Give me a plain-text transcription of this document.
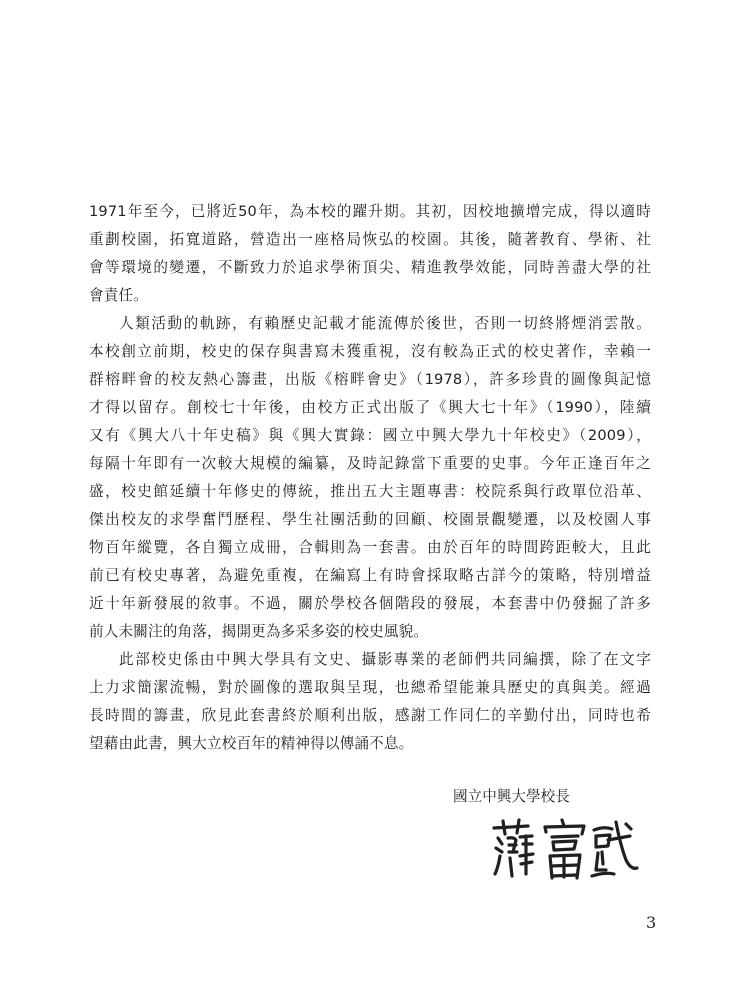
1971年至今，已將近50年，為本校的躍升期。其初，因校地擴增完成，得以適時
重劃校園，拓寬道路，營造出一座格局恢弘的校園。其後，隨著教育、學術、社
會等環境的變遷，不斷致力於追求學術頂尖、精進教學效能，同時善盡大學的社
會責任。
人類活動的軌跡，有賴歷史記載才能流傳於後世，否則一切終將煙消雲散。
本校創立前期，校史的保存與書寫未獲重視，沒有較為正式的校史著作，幸賴一
群榕畔會的校友熱心籌畫，出版《榕畔會史》（1978），許多珍貴的圖像與記憶
才得以留存。創校七十年後，由校方正式出版了《興大七十年》（1990），陸續
又有《興大八十年史稿》與《興大實錄：國立中興大學九十年校史》（2009），
每隔十年即有一次較大規模的編纂，及時記錄當下重要的史事。今年正逢百年之
盛，校史館延續十年修史的傳統，推出五大主題專書：校院系與行政單位沿革、
傑出校友的求學奮鬥歷程、學生社團活動的回顧、校園景觀變遷，以及校園人事
物百年縱覽，各自獨立成冊，合輯則為一套書。由於百年的時間跨距較大，且此
前已有校史專著，為避免重複，在編寫上有時會採取略古詳今的策略，特別增益
近十年新發展的敘事。不過，關於學校各個階段的發展，本套書中仍發掘了許多
前人未關注的角落，揭開更為多采多姿的校史風貌。
此部校史係由中興大學具有文史、攝影專業的老師們共同編撰，除了在文字
上力求簡潔流暢，對於圖像的選取與呈現，也總希望能兼具歷史的真與美。經過
長時間的籌畫，欣見此套書終於順利出版，感謝工作同仁的辛勤付出，同時也希
望藉由此書，興大立校百年的精神得以傳誦不息。
國立中興大學校長
3
